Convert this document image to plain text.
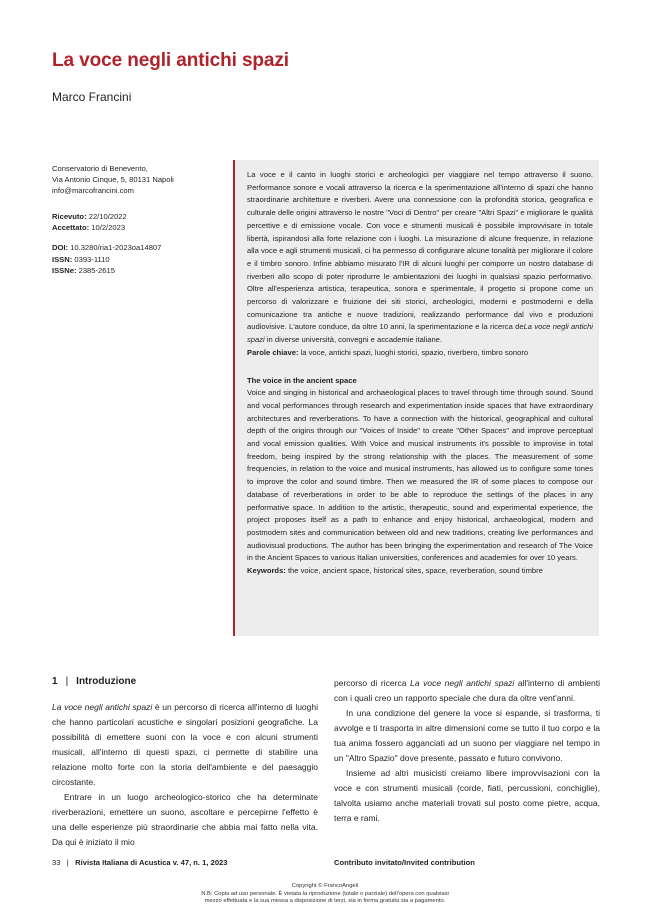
La voce negli antichi spazi
Marco Francini
Conservatorio di Benevento,
Via Antonio Cinque, 5, 80131 Napoli
info@marcofrancini.com
Ricevuto: 22/10/2022
Accettato: 10/2/2023
DOI: 10.3280/ria1-2023oa14807
ISSN: 0393-1110
ISSNe: 2385-2615

La voce e il canto in luoghi storici e archeologici per viaggiare nel tempo attraverso il suono. Performance sonore e vocali attraverso la ricerca e la sperimentazione all'interno di spazi che hanno straordinarie architetture e riverberi. Avere una connessione con la profondità storica, geografica e culturale delle origini attraverso le nostre "Voci di Dentro" per creare "Altri Spazi" e migliorare le qualità percettive e di emissione vocale. Con voce e strumenti musicali è possibile improvvisare in totale libertà, ispirandosi alla forte relazione con i luoghi. La misurazione di alcune frequenze, in relazione alla voce e agli strumenti musicali, ci ha permesso di configurare alcune tonalità per migliorare il colore e il timbro sonoro. Infine abbiamo misurato l'IR di alcuni luoghi per comporre un nostro database di riverberi allo scopo di poter riprodurre le ambientazioni dei luoghi in qualsiasi spazio performativo. Oltre all'esperienza artistica, terapeutica, sonora e sperimentale, il progetto si propone come un percorso di valorizzare e fruizione dei siti storici, archeologici, moderni e postmoderni e della comunicazione tra antiche e nuove tradizioni, realizzando performance dal vivo e produzioni audiovisive. L'autore conduce, da oltre 10 anni, la sperimentazione e la ricerca deLa voce negli antichi spazi in diverse università, convegni e accademie italiane.

Parole chiave: la voce, antichi spazi, luoghi storici, spazio, riverbero, timbro sonoro

The voice in the ancient space

Voice and singing in historical and archaeological places to travel through time through sound. Sound and vocal performances through research and experimentation inside spaces that have extraordinary architectures and reverberations. To have a connection with the historical, geographical and cultural depth of the origins through our "Voices of Inside" to create "Other Spaces" and improve perceptual and vocal emission qualities. With Voice and musical instruments it's possible to improvise in total freedom, being inspired by the strong relationship with the places. The measurement of some frequencies, in relation to the voice and musical instruments, has allowed us to configure some tones to improve the color and sound timbre. Then we measured the IR of some places to compose our database of reverberations in order to be able to reproduce the settings of the places in any performative space. In addition to the artistic, therapeutic, sound and experimental experience, the project proposes itself as a path to enhance and enjoy historical, archaeological, modern and postmodern sites and communication between old and new traditions, creating live performances and audiovisual productions. The author has been bringing the experimentation and research of The Voice in the Ancient Spaces to various Italian universities, conferences and academies for over 10 years.

Keywords: the voice, ancient space, historical sites, space, reverberation, sound timbre

1 | Introduzione

La voce negli antichi spazi è un percorso di ricerca all'interno di luoghi che hanno particolari acustiche e singolari posizioni geografiche. La possibilità di emettere suoni con la voce e con alcuni strumenti musicali, all'interno di questi spazi, ci permette di stabilire una relazione molto forte con la storia dell'ambiente e del paesaggio circostante.

Entrare in un luogo archeologico-storico che ha determinate riverberazioni, emettere un suono, ascoltare e percepirne l'effetto è una delle esperienze più straordinarie che abbia mai fatto nella vita. Da qui è iniziato il mio

percorso di ricerca La voce negli antichi spazi all'interno di ambienti con i quali creo un rapporto speciale che dura da oltre vent'anni.

In una condizione del genere la voce si espande, si trasforma, ti avvolge e ti trasporta in altre dimensioni come se tutto il tuo corpo e la tua anima fossero agganciati ad un suono per viaggiare nel tempo in un "Altro Spazio" dove presente, passato e futuro convivono.

Insieme ad altri musicisti creiamo libere improvvisazioni con la voce e con strumenti musicali (corde, fiati, percussioni, conchiglie), talvolta usiamo anche materiali trovati sul posto come pietre, acqua, terra e rami.

33 | Rivista Italiana di Acustica v. 47, n. 1, 2023	Contributo invitato/Invited contribution
Copyright © FrancoAngeli
N.B: Copia ad uso personale. È vietata la riproduzione (totale o parziale) dell'opera con qualsiasi
mezzo effettuata e la sua messa a disposizione di terzi, sia in forma gratuita sia a pagamento.
